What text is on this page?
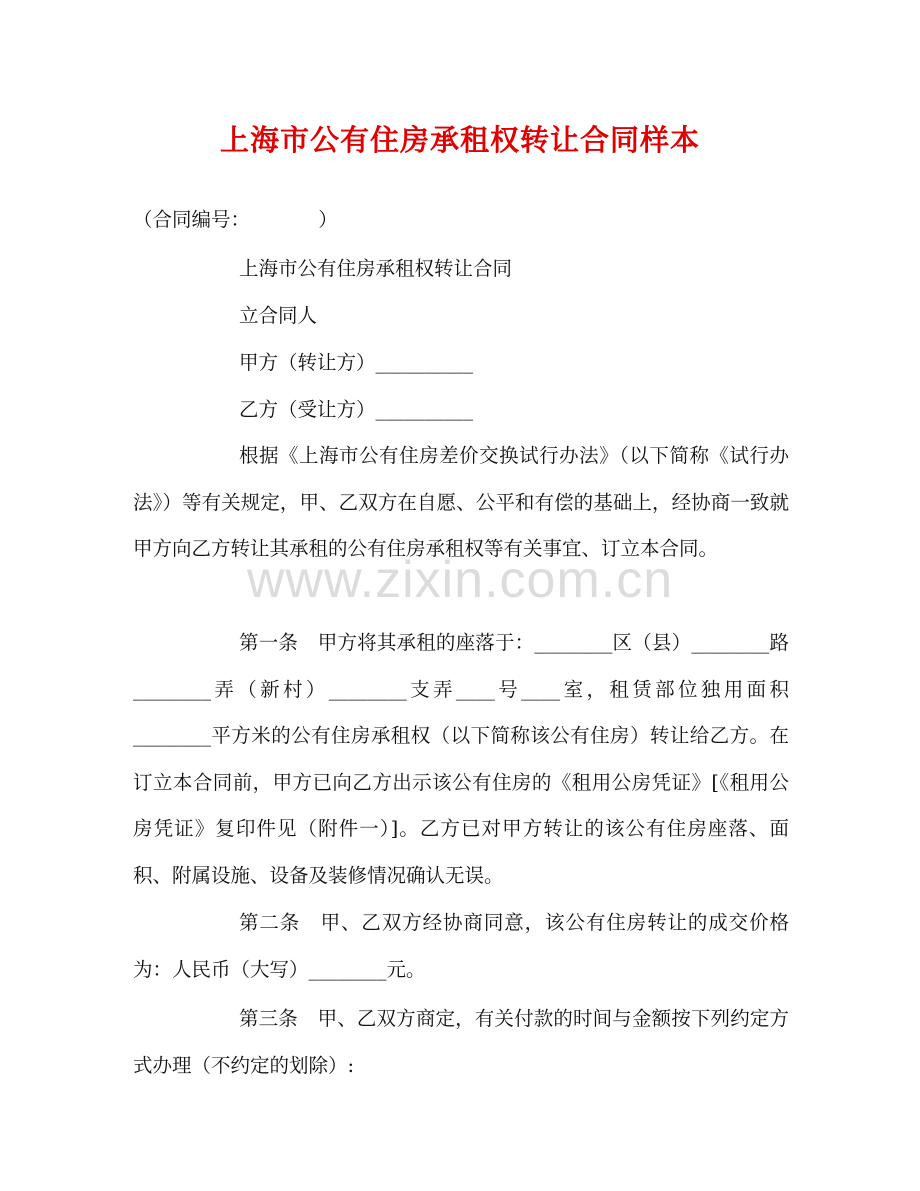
www.zixin.com.cn
上海市公有住房承租权转让合同样本
（合同编号：　　　　）
上海市公有住房承租权转让合同
立合同人
甲方（转让方）__________
乙方（受让方）__________
根据《上海市公有住房差价交换试行办法》（以下简称《试行办法》）等有关规定，甲、乙双方在自愿、公平和有偿的基础上，经协商一致就甲方向乙方转让其承租的公有住房承租权等有关事宜、订立本合同。
第一条　甲方将其承租的座落于：________区（县）________路________弄（新村）________支弄____号____室，租赁部位独用面积________平方米的公有住房承租权（以下简称该公有住房）转让给乙方。在订立本合同前，甲方已向乙方出示该公有住房的《租用公房凭证》[《租用公房凭证》复印件见（附件一）]。乙方已对甲方转让的该公有住房座落、面积、附属设施、设备及装修情况确认无误。
第二条　甲、乙双方经协商同意，该公有住房转让的成交价格为：人民币（大写）________元。
第三条　甲、乙双方商定，有关付款的时间与金额按下列约定方式办理（不约定的划除）:
